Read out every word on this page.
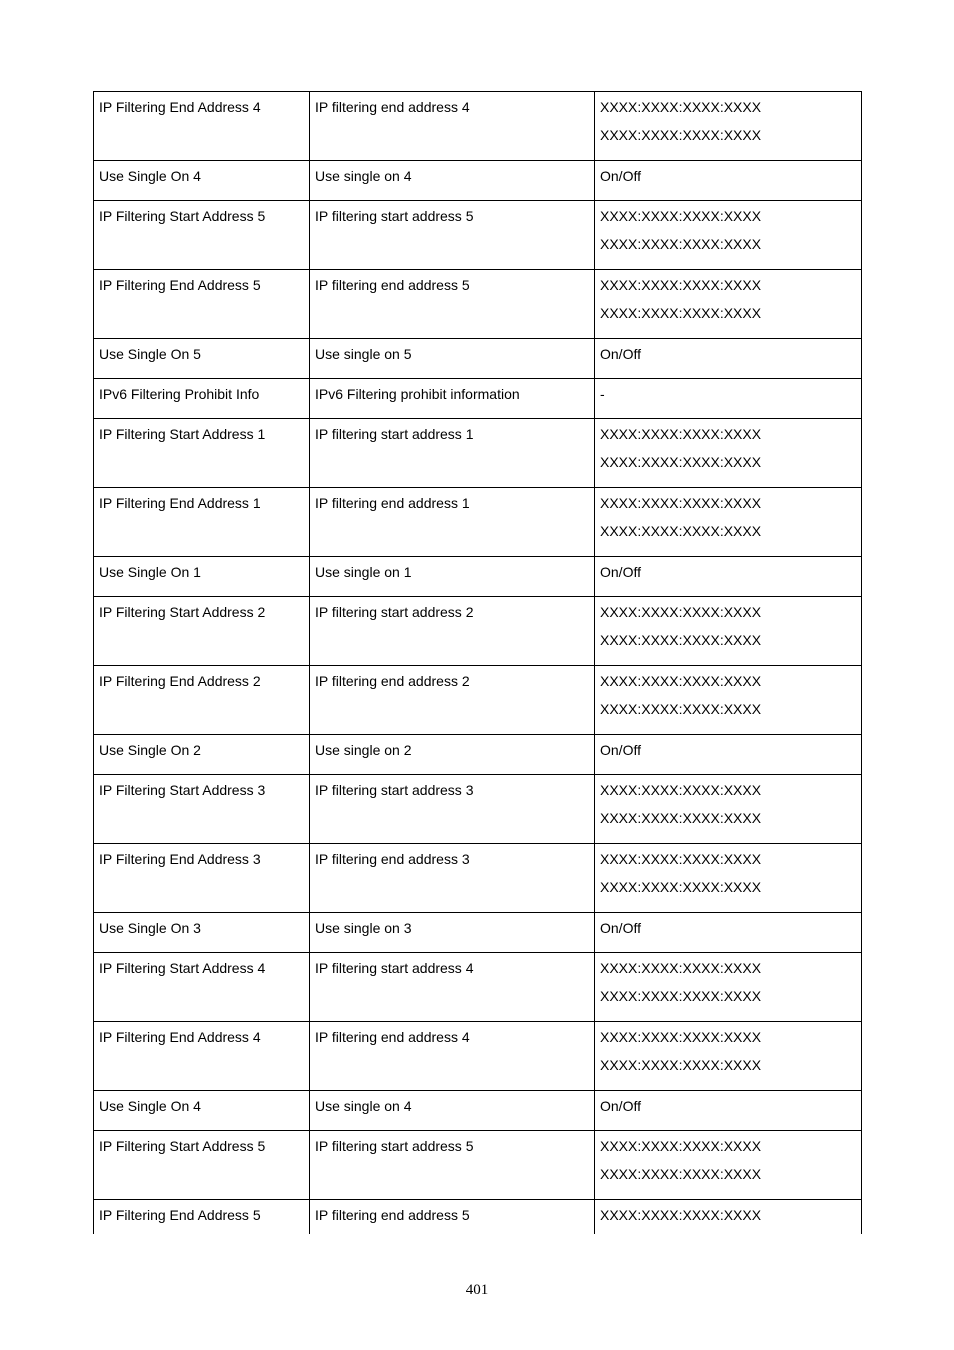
IP Filtering End Address 4	IP filtering end address 4	XXXX:XXXX:XXXX:XXXX
XXXX:XXXX:XXXX:XXXX

Use Single On 4	Use single on 4	On/Off

IP Filtering Start Address 5	IP filtering start address 5	XXXX:XXXX:XXXX:XXXX
XXXX:XXXX:XXXX:XXXX

IP Filtering End Address 5	IP filtering end address 5	XXXX:XXXX:XXXX:XXXX
XXXX:XXXX:XXXX:XXXX

Use Single On 5	Use single on 5	On/Off

IPv6 Filtering Prohibit Info	IPv6 Filtering prohibit information	-

IP Filtering Start Address 1	IP filtering start address 1	XXXX:XXXX:XXXX:XXXX
XXXX:XXXX:XXXX:XXXX

IP Filtering End Address 1	IP filtering end address 1	XXXX:XXXX:XXXX:XXXX
XXXX:XXXX:XXXX:XXXX

Use Single On 1	Use single on 1	On/Off

IP Filtering Start Address 2	IP filtering start address 2	XXXX:XXXX:XXXX:XXXX
XXXX:XXXX:XXXX:XXXX

IP Filtering End Address 2	IP filtering end address 2	XXXX:XXXX:XXXX:XXXX
XXXX:XXXX:XXXX:XXXX

Use Single On 2	Use single on 2	On/Off

IP Filtering Start Address 3	IP filtering start address 3	XXXX:XXXX:XXXX:XXXX
XXXX:XXXX:XXXX:XXXX

IP Filtering End Address 3	IP filtering end address 3	XXXX:XXXX:XXXX:XXXX
XXXX:XXXX:XXXX:XXXX

Use Single On 3	Use single on 3	On/Off

IP Filtering Start Address 4	IP filtering start address 4	XXXX:XXXX:XXXX:XXXX
XXXX:XXXX:XXXX:XXXX

IP Filtering End Address 4	IP filtering end address 4	XXXX:XXXX:XXXX:XXXX
XXXX:XXXX:XXXX:XXXX

Use Single On 4	Use single on 4	On/Off

IP Filtering Start Address 5	IP filtering start address 5	XXXX:XXXX:XXXX:XXXX
XXXX:XXXX:XXXX:XXXX

IP Filtering End Address 5	IP filtering end address 5	XXXX:XXXX:XXXX:XXXX
401
